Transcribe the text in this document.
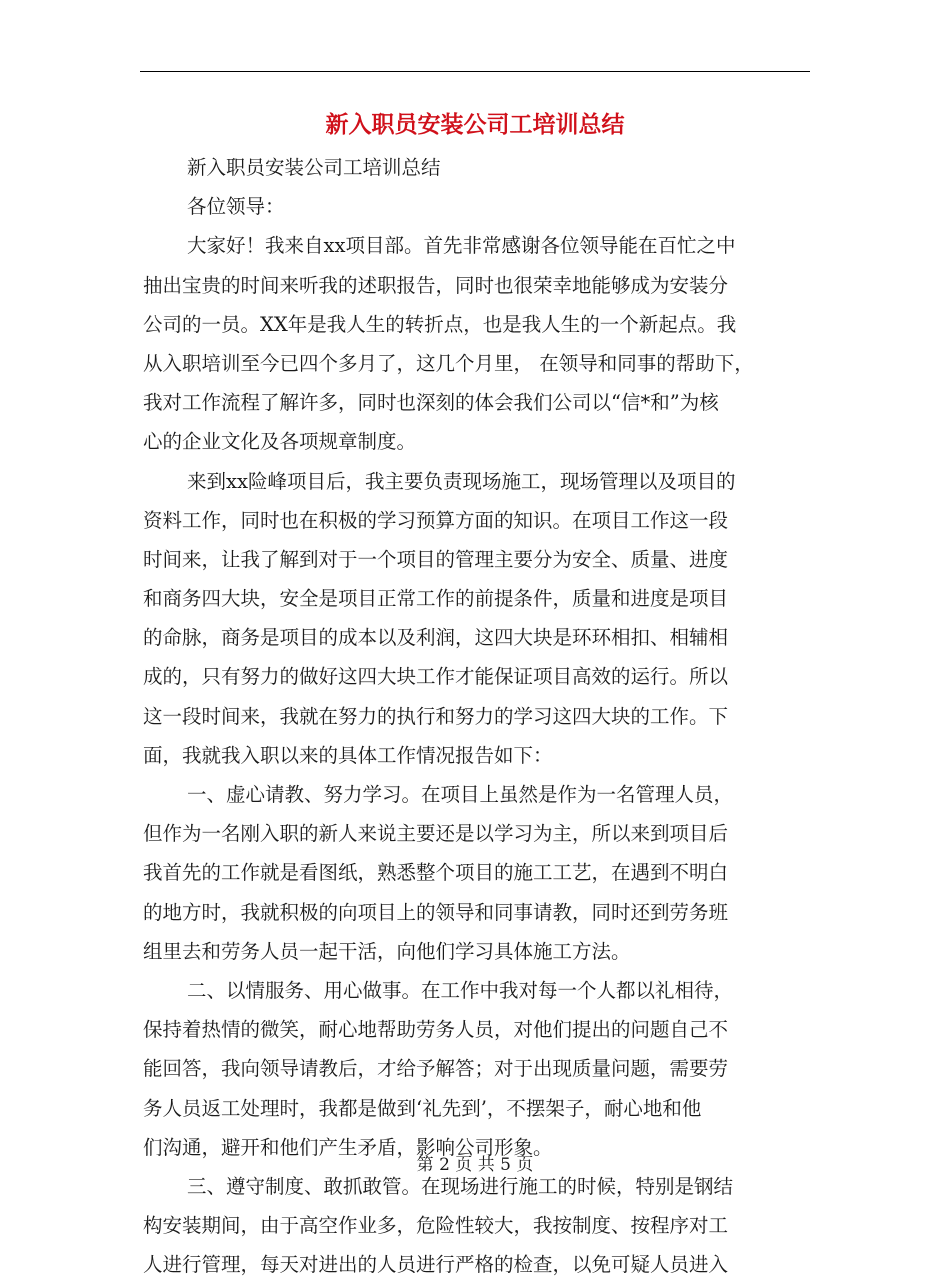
新入职员安装公司工培训总结
新入职员安装公司工培训总结
各位领导：
大家好！我来自xx项目部。首先非常感谢各位领导能在百忙之中
抽出宝贵的时间来听我的述职报告，同时也很荣幸地能够成为安装分
公司的一员。XX年是我人生的转折点，也是我人生的一个新起点。我
从入职培训至今已四个多月了，这几个月里， 在领导和同事的帮助下，
我对工作流程了解许多，同时也深刻的体会我们公司以“信*和”为核
心的企业文化及各项规章制度。
来到xx险峰项目后，我主要负责现场施工，现场管理以及项目的
资料工作，同时也在积极的学习预算方面的知识。在项目工作这一段
时间来，让我了解到对于一个项目的管理主要分为安全、质量、进度
和商务四大块，安全是项目正常工作的前提条件，质量和进度是项目
的命脉，商务是项目的成本以及利润，这四大块是环环相扣、相辅相
成的，只有努力的做好这四大块工作才能保证项目高效的运行。所以
这一段时间来，我就在努力的执行和努力的学习这四大块的工作。下
面，我就我入职以来的具体工作情况报告如下：
一、虚心请教、努力学习。在项目上虽然是作为一名管理人员，
但作为一名刚入职的新人来说主要还是以学习为主，所以来到项目后
我首先的工作就是看图纸，熟悉整个项目的施工工艺，在遇到不明白
的地方时，我就积极的向项目上的领导和同事请教，同时还到劳务班
组里去和劳务人员一起干活，向他们学习具体施工方法。
二、以情服务、用心做事。在工作中我对每一个人都以礼相待，
保持着热情的微笑，耐心地帮助劳务人员，对他们提出的问题自己不
能回答，我向领导请教后，才给予解答；对于出现质量问题，需要劳
务人员返工处理时，我都是做到‘礼先到’，不摆架子，耐心地和他
们沟通，避开和他们产生矛盾，影响公司形象。
三、遵守制度、敢抓敢管。在现场进行施工的时候，特别是钢结
构安装期间，由于高空作业多，危险性较大，我按制度、按程序对工
人进行管理，每天对进出的人员进行严格的检查，以免可疑人员进入
第 2 页 共 5 页
